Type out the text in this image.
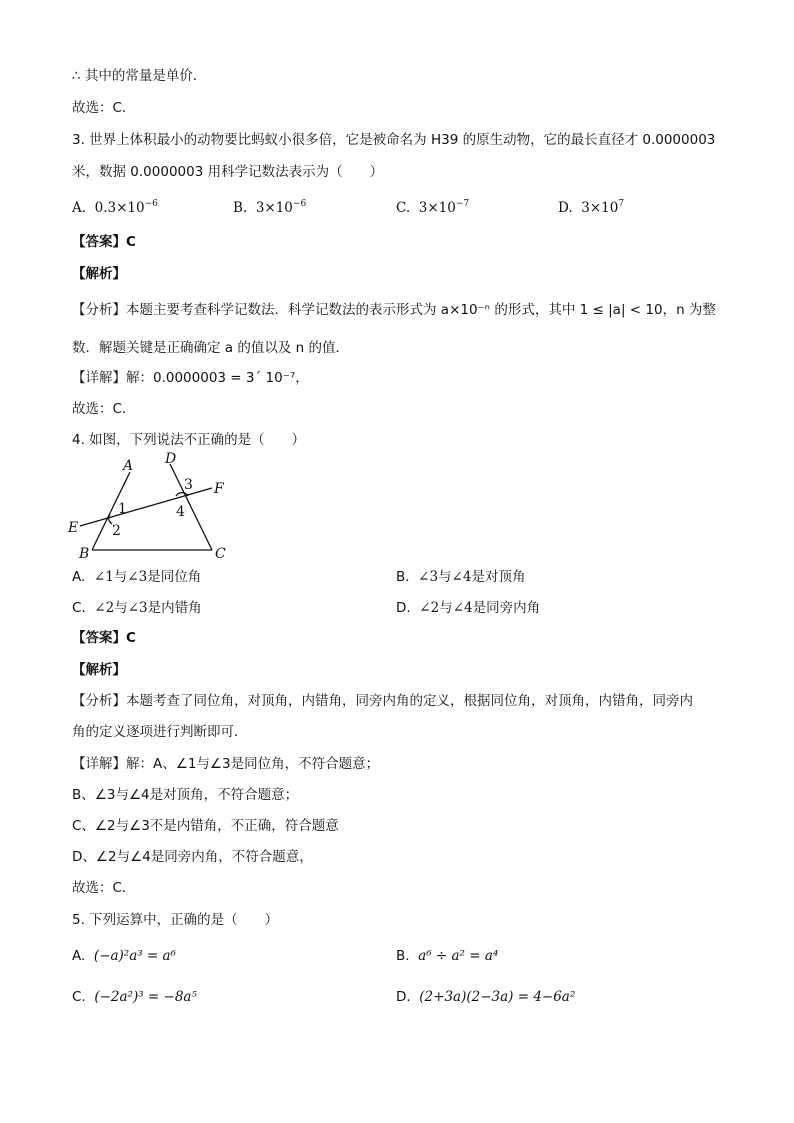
∴ 其中的常量是单价．
故选：C．
3. 世界上体积最小的动物要比蚂蚁小很多倍，它是被命名为 H39 的原生动物，它的最长直径才 0.0000003
米，数据 0.0000003 用科学记数法表示为（　　）
A. $0.3\times 10^{-6}$	B. $3\times 10^{-6}$	C. $3\times 10^{-7}$	D. $3\times 10^7$
【答案】C
【解析】
【分析】本题主要考查科学记数法．科学记数法的表示形式为 a×10⁻ⁿ 的形式，其中 1 ≤ |a| < 10，n 为整
数．解题关键是正确确定 a 的值以及 n 的值．
【详解】解：0.0000003 = 3´ 10⁻⁷，
故选：C．
4. 如图，下列说法不正确的是（　　）
A D
F
E
B	C
1
2
3
4
A. ∠1与∠3是同位角	B. ∠3与∠4是对顶角
C. ∠2与∠3是内错角	D. ∠2与∠4是同旁内角
【答案】C
【解析】
【分析】本题考查了同位角，对顶角，内错角，同旁内角的定义，根据同位角，对顶角，内错角，同旁内
角的定义逐项进行判断即可．
【详解】解：A、∠1与∠3是同位角，不符合题意；
B、∠3与∠4是对顶角，不符合题意；
C、∠2与∠3不是内错角，不正确，符合题意
D、∠2与∠4是同旁内角，不符合题意，
故选：C．
5. 下列运算中，正确的是（　　）
A. (−a)²a³ = a⁶	B. a⁶ ÷ a² = a⁴
C. (−2a²)³ = −8a⁵	D. (2+3a)(2−3a) = 4−6a²
